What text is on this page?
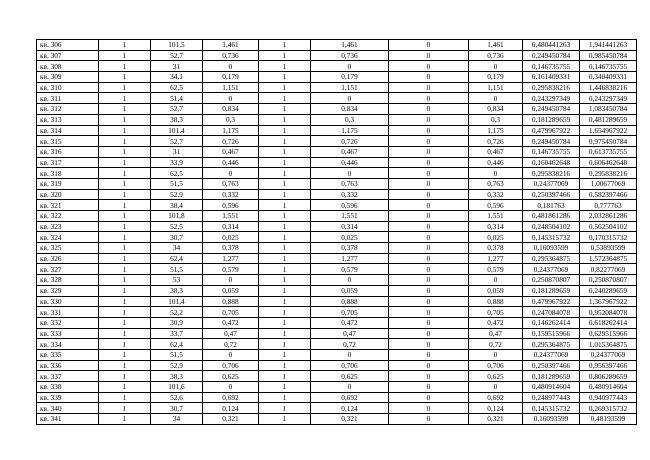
кв. 306	1	101,5	1,461	1	1,461	0	1,461	0,480441263	1,941441263
кв. 307	1	52,7	0,736	1	0,736	0	0,736	0,249450784	0,985450784
кв. 308	1	31	0	1	0	0	0	0,146735755	0,146735755
кв. 309	1	34,1	0,179	1	0,179	0	0,179	0,161409331	0,340409331
кв. 310	1	62,5	1,151	1	1,151	0	1,151	0,295838216	1,446838216
кв. 311	1	51,4	0	1	0	0	0	0,243297349	0,243297349
кв. 312	1	52,7	0,834	1	0,834	0	0,834	0,249450784	1,083450784
кв. 313	1	38,3	0,3	1	0,3	0	0,3	0,181289659	0,481289659
кв. 314	1	101,4	1,175	1	1,175	0	1,175	0,479967922	1,654967922
кв. 315	1	52,7	0,726	1	0,726	0	0,726	0,249450784	0,975450784
кв. 316	1	31	0,467	1	0,467	0	0,467	0,146735755	0,613735755
кв. 317	1	33,9	0,446	1	0,446	0	0,446	0,160462648	0,606462648
кв. 318	1	62,5	0	1	0	0	0	0,295838216	0,295838216
кв. 319	1	51,5	0,763	1	0,763	0	0,763	0,24377069	1,00677069
кв. 320	1	52,9	0,332	1	0,332	0	0,332	0,250397466	0,582397466
кв. 321	1	38,4	0,596	1	0,596	0	0,596	0,181763	0,777763
кв. 322	1	101,8	1,551	1	1,551	0	1,551	0,481861286	2,032861286
кв. 323	1	52,5	0,314	1	0,314	0	0,314	0,248504102	0,562504102
кв. 324	1	30,7	0,025	1	0,025	0	0,025	0,145315732	0,170315732
кв. 325	1	34	0,378	1	0,378	0	0,378	0,16093599	0,53893599
кв. 326	1	62,4	1,277	1	1,277	0	1,277	0,295364875	1,572364875
кв. 327	1	51,5	0,579	1	0,579	0	0,579	0,24377069	0,82277069
кв. 328	1	53	0	1	0	0	0	0,250870807	0,250870807
кв. 329	1	38,3	0,059	1	0,059	0	0,059	0,181289659	0,240289659
кв. 330	1	101,4	0,888	1	0,888	0	0,888	0,479967922	1,367967922
кв. 331	1	52,2	0,705	1	0,705	0	0,705	0,247084078	0,952084078
кв. 332	1	30,9	0,472	1	0,472	0	0,472	0,146262414	0,618262414
кв. 333	1	33,7	0,47	1	0,47	0	0,47	0,159515966	0,629515966
кв. 334	1	62,4	0,72	1	0,72	0	0,72	0,295364875	1,015364875
кв. 335	1	51,5	0	1	0	0	0	0,24377069	0,24377069
кв. 336	1	52,9	0,706	1	0,706	0	0,706	0,250397466	0,956397466
кв. 337	1	38,3	0,625	1	0,625	0	0,625	0,181289659	0,806289659
кв. 338	1	101,6	0	1	0	0	0	0,480914604	0,480914604
кв. 339	1	52,6	0,692	1	0,692	0	0,692	0,248977443	0,940977443
кв. 340	1	30,7	0,124	1	0,124	0	0,124	0,145315732	0,269315732
кв. 341	1	34	0,321	1	0,321	0	0,321	0,16093599	0,48193599
